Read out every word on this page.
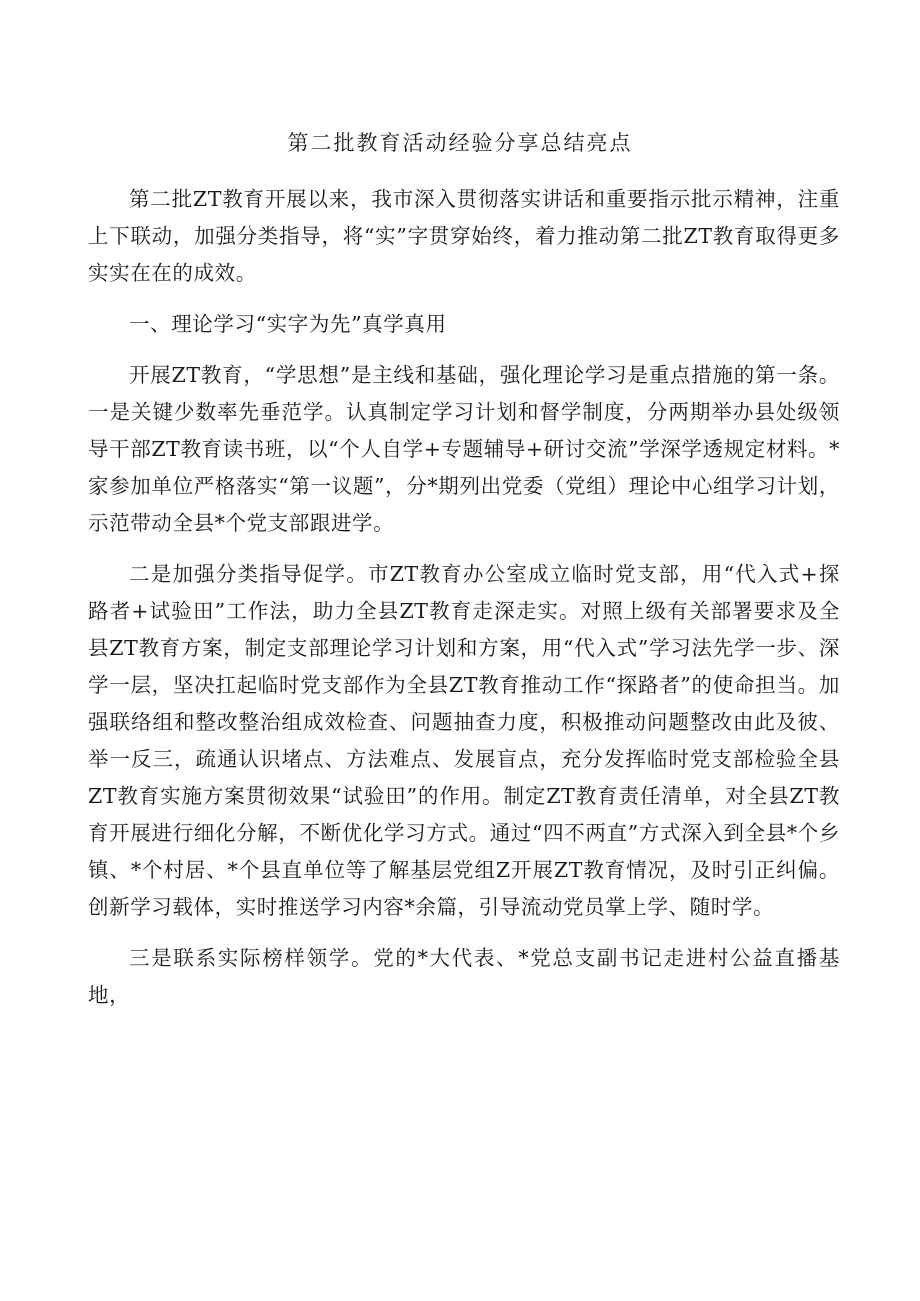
第二批教育活动经验分享总结亮点

第二批ZT教育开展以来，我市深入贯彻落实讲话和重要指示批示精神，注重上下联动，加强分类指导，将“实”字贯穿始终，着力推动第二批ZT教育取得更多实实在在的成效。

一、理论学习“实字为先”真学真用

开展ZT教育，“学思想”是主线和基础，强化理论学习是重点措施的第一条。一是关键少数率先垂范学。认真制定学习计划和督学制度，分两期举办县处级领导干部ZT教育读书班，以“个人自学+专题辅导+研讨交流”学深学透规定材料。*家参加单位严格落实“第一议题”，分*期列出党委（党组）理论中心组学习计划，示范带动全县*个党支部跟进学。

二是加强分类指导促学。市ZT教育办公室成立临时党支部，用“代入式+探路者+试验田”工作法，助力全县ZT教育走深走实。对照上级有关部署要求及全县ZT教育方案，制定支部理论学习计划和方案，用“代入式”学习法先学一步、深学一层，坚决扛起临时党支部作为全县ZT教育推动工作“探路者”的使命担当。加强联络组和整改整治组成效检查、问题抽查力度，积极推动问题整改由此及彼、举一反三，疏通认识堵点、方法难点、发展盲点，充分发挥临时党支部检验全县ZT教育实施方案贯彻效果“试验田”的作用。制定ZT教育责任清单，对全县ZT教育开展进行细化分解，不断优化学习方式。通过“四不两直”方式深入到全县*个乡镇、*个村居、*个县直单位等了解基层党组Z开展ZT教育情况，及时引正纠偏。创新学习载体，实时推送学习内容*余篇，引导流动党员掌上学、随时学。

三是联系实际榜样领学。党的*大代表、*党总支副书记走进村公益直播基地，
